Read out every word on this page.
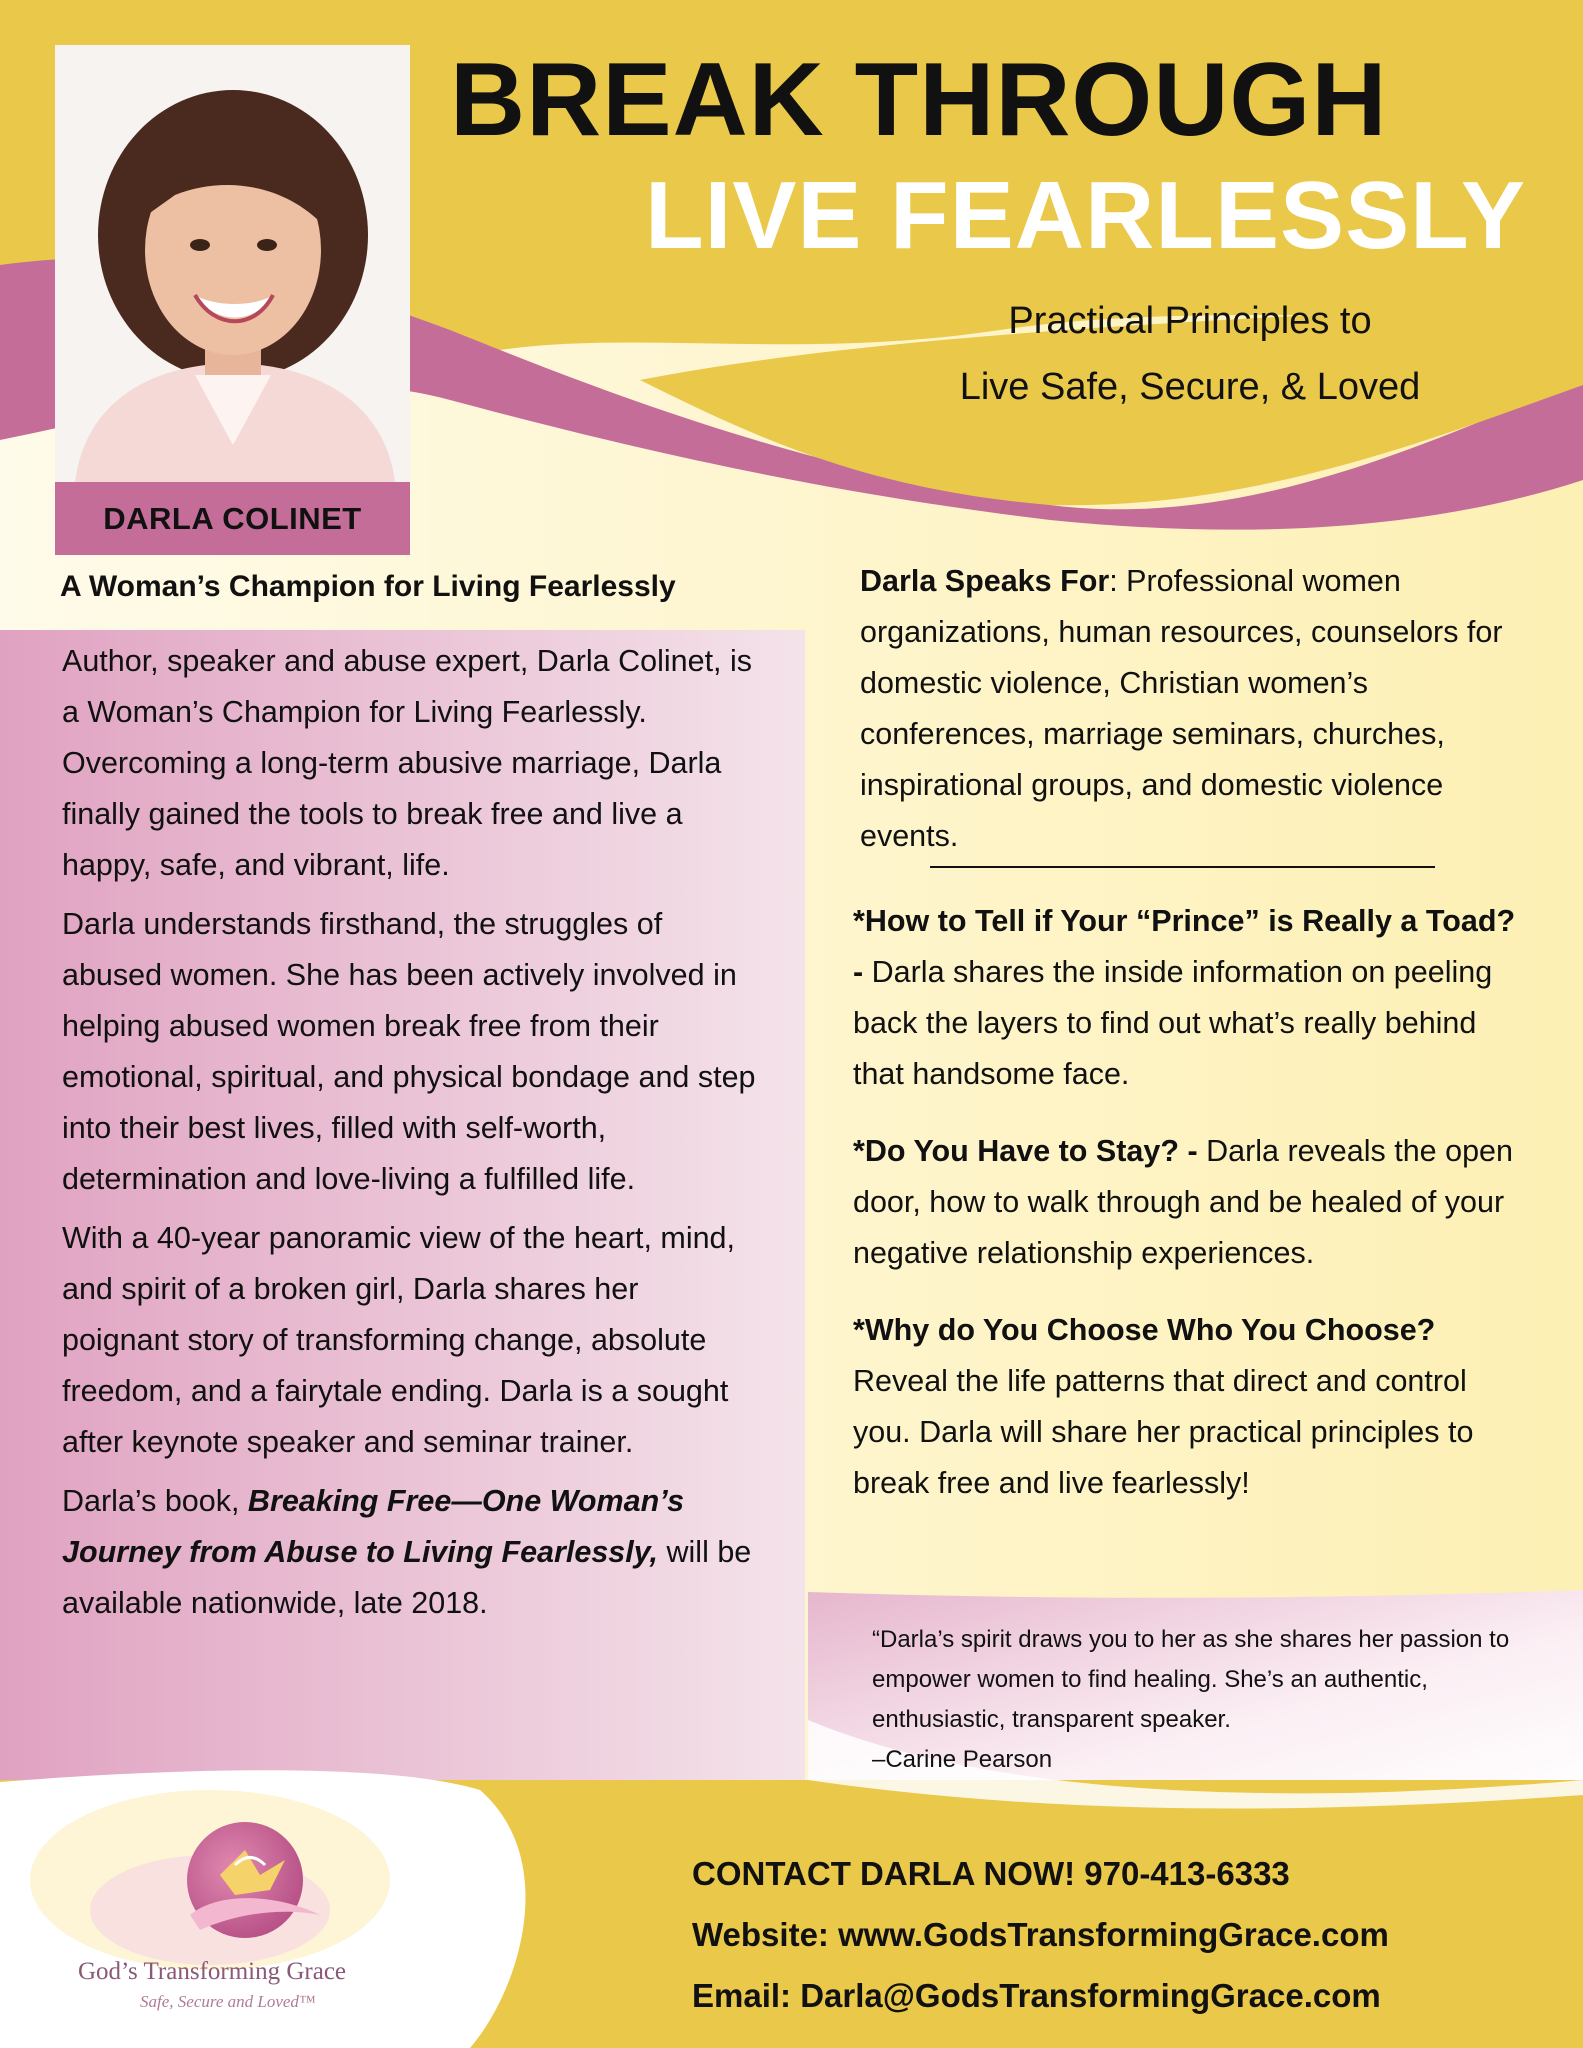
DARLA COLINET
BREAK THROUGH
LIVE FEARLESSLY
Practical Principles to
Live Safe, Secure, & Loved
A Woman’s Champion for Living Fearlessly

Author, speaker and abuse expert, Darla Colinet, is a Woman’s Champion for Living Fearlessly. Overcoming a long-term abusive marriage, Darla finally gained the tools to break free and live a happy, safe, and vibrant, life.

Darla understands firsthand, the struggles of abused women. She has been actively involved in helping abused women break free from their emotional, spiritual, and physical bondage and step into their best lives, filled with self-worth, determination and love-living a fulfilled life.

With a 40-year panoramic view of the heart, mind, and spirit of a broken girl, Darla shares her poignant story of transforming change, absolute freedom, and a fairytale ending. Darla is a sought after keynote speaker and seminar trainer.

Darla’s book, Breaking Free—One Woman’s Journey from Abuse to Living Fearlessly, will be available nationwide, late 2018.

Darla Speaks For: Professional women organizations, human resources, counselors for domestic violence, Christian women’s conferences, marriage seminars, churches, inspirational groups, and domestic violence events.

*How to Tell if Your “Prince” is Really a Toad? - Darla shares the inside information on peeling back the layers to find out what’s really behind that handsome face.

*Do You Have to Stay? - Darla reveals the open door, how to walk through and be healed of your negative relationship experiences.

*Why do You Choose Who You Choose? Reveal the life patterns that direct and control you. Darla will share her practical principles to break free and live fearlessly!

“Darla’s spirit draws you to her as she shares her passion to empower women to find healing. She’s an authentic, enthusiastic, transparent speaker.

–Carine Pearson

CONTACT DARLA NOW! 970-413-6333
Website: www.GodsTransformingGrace.com
Email: Darla@GodsTransformingGrace.com
God’s Transforming Grace
Safe, Secure and Loved™
